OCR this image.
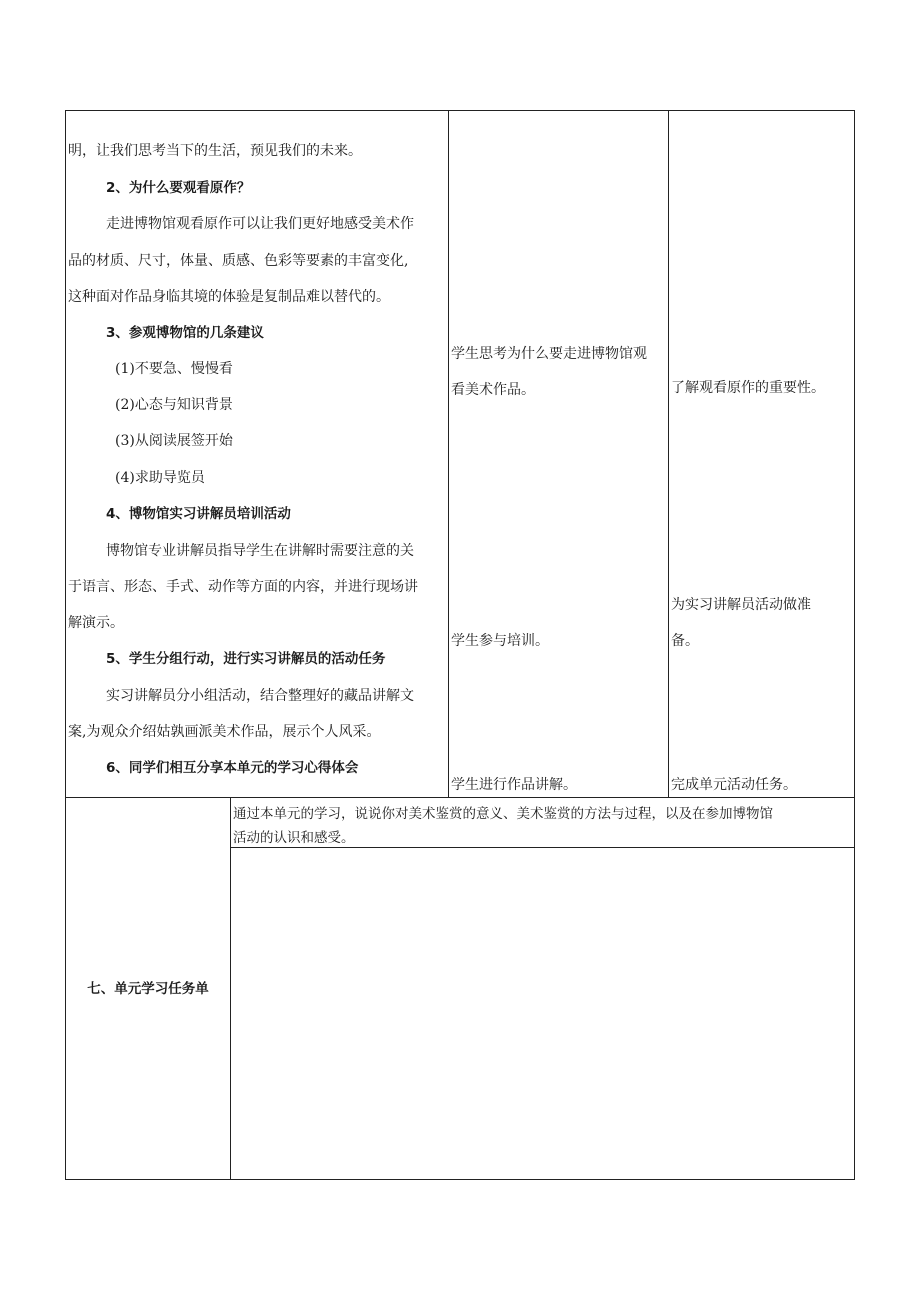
明，让我们思考当下的生活，预见我们的未来。
2、为什么要观看原作？
走进博物馆观看原作可以让我们更好地感受美术作
品的材质、尺寸，体量、质感、色彩等要素的丰富变化,
这种面对作品身临其境的体验是复制品难以替代的。
3、参观博物馆的几条建议
(1)不要急、慢慢看
(2)心态与知识背景
(3)从阅读展签开始
(4)求助导览员
4、博物馆实习讲解员培训活动
博物馆专业讲解员指导学生在讲解时需要注意的关
于语言、形态、手式、动作等方面的内容，并进行现场讲
解演示。
5、学生分组行动，进行实习讲解员的活动任务
实习讲解员分小组活动，结合整理好的藏品讲解文
案,为观众介绍姑孰画派美术作品，展示个人风采。
6、同学们相互分享本单元的学习心得体会
学生思考为什么要走进博物馆观
看美术作品。
学生参与培训。
学生进行作品讲解。
了解观看原作的重要性。
为实习讲解员活动做准
备。
完成单元活动任务。
七、单元学习任务单
通过本单元的学习，说说你对美术鉴赏的意义、美术鉴赏的方法与过程，以及在参加博物馆
活动的认识和感受。
